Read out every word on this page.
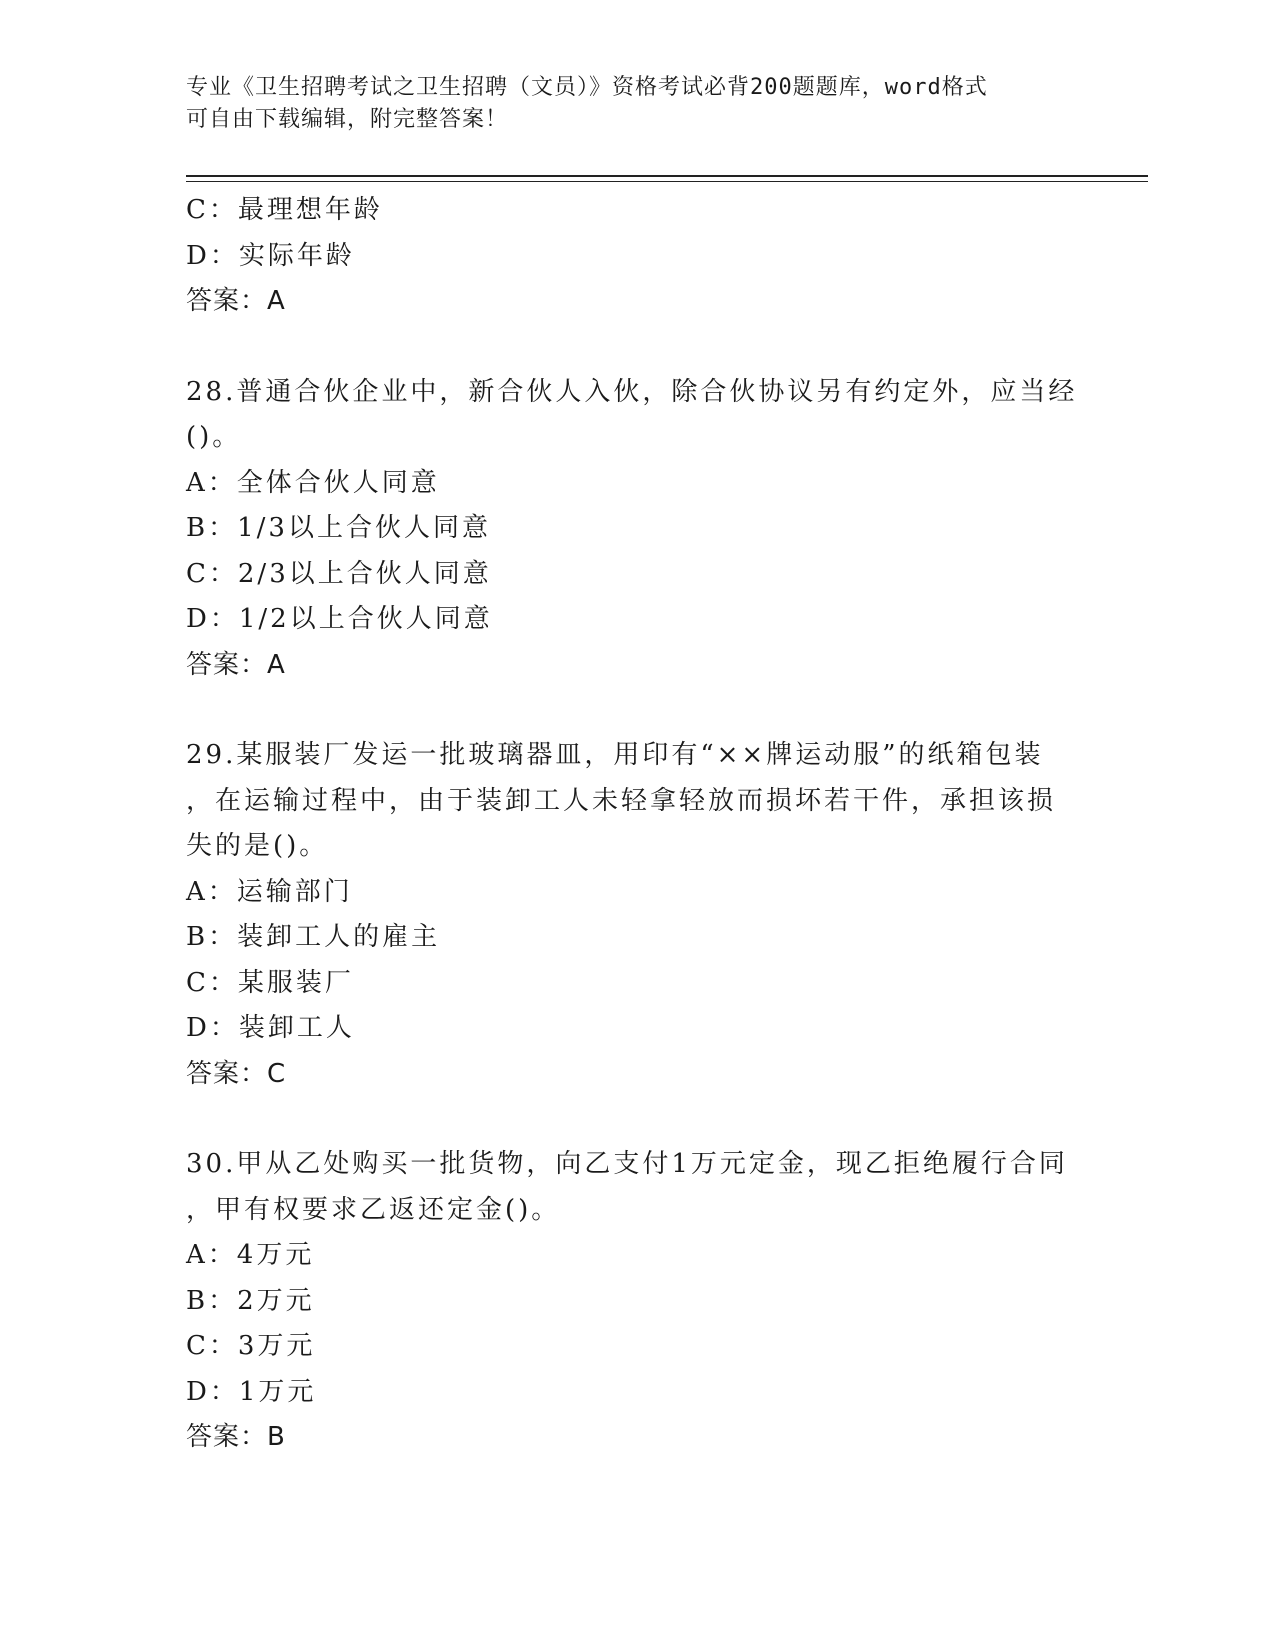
专业《卫生招聘考试之卫生招聘（文员）》资格考试必背200题题库，word格式
可自由下载编辑，附完整答案！
C：最理想年龄
D：实际年龄
答案：A
28.普通合伙企业中，新合伙人入伙，除合伙协议另有约定外，应当经
()。
A：全体合伙人同意
B：1/3以上合伙人同意
C：2/3以上合伙人同意
D：1/2以上合伙人同意
答案：A
29.某服装厂发运一批玻璃器皿，用印有“××牌运动服”的纸箱包装
，在运输过程中，由于装卸工人未轻拿轻放而损坏若干件，承担该损
失的是()。
A：运输部门
B：装卸工人的雇主
C：某服装厂
D：装卸工人
答案：C
30.甲从乙处购买一批货物，向乙支付1万元定金，现乙拒绝履行合同
，甲有权要求乙返还定金()。
A：4万元
B：2万元
C：3万元
D：1万元
答案：B
